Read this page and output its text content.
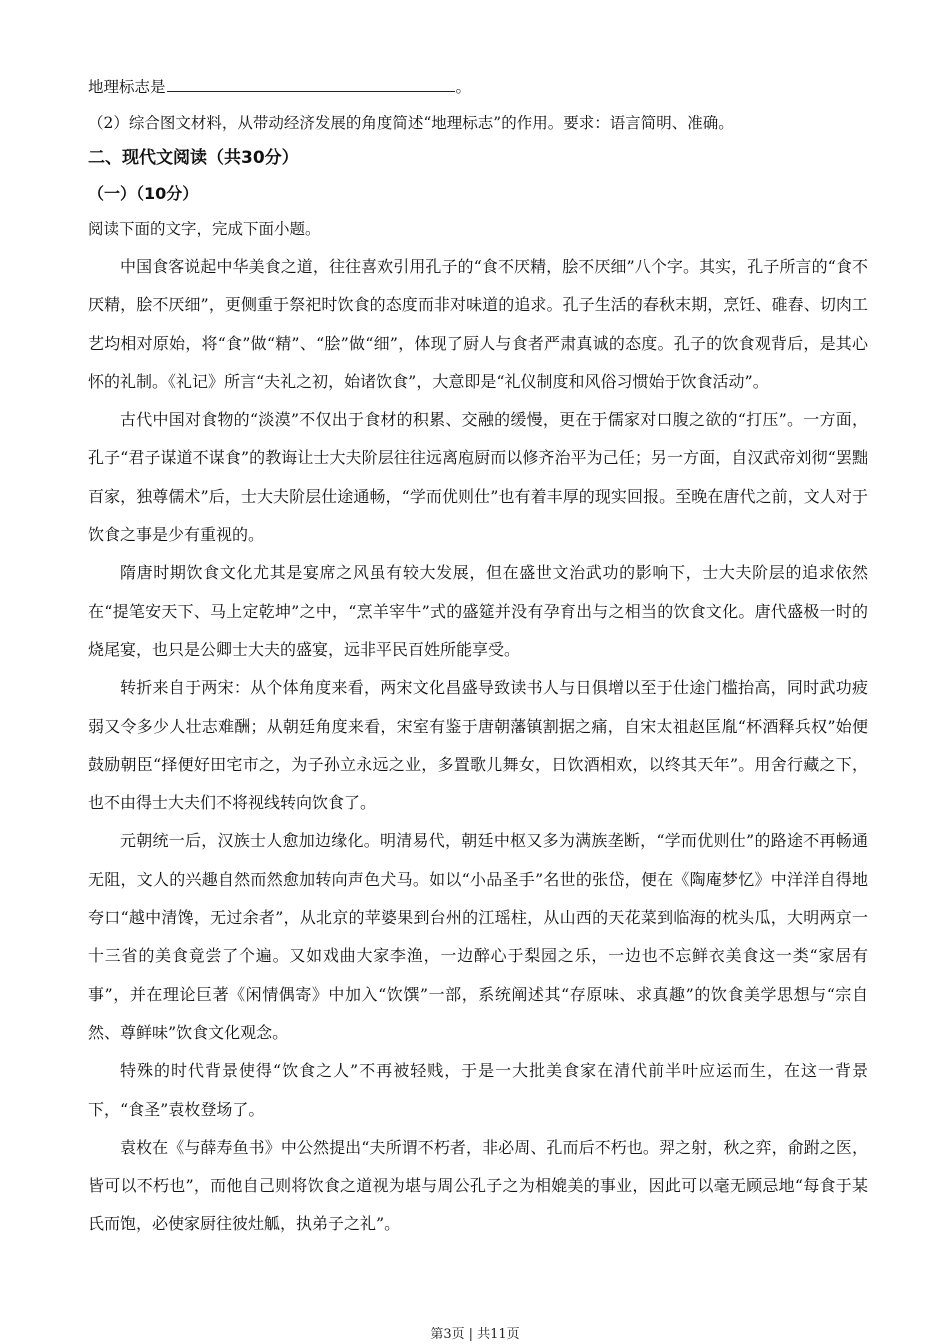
地理标志是	。
（2）综合图文材料，从带动经济发展的角度简述“地理标志”的作用。要求：语言简明、准确。
二、现代文阅读（共30分）
（一）（10分）
阅读下面的文字，完成下面小题。

中国食客说起中华美食之道，往往喜欢引用孔子的“食不厌精，脍不厌细”八个字。其实，孔子所言的“食不厌精，脍不厌细”，更侧重于祭祀时饮食的态度而非对味道的追求。孔子生活的春秋末期，烹饪、碓舂、切肉工艺均相对原始，将“食”做“精”、“脍”做“细”，体现了厨人与食者严肃真诚的态度。孔子的饮食观背后，是其心怀的礼制。《礼记》所言“夫礼之初，始诸饮食”，大意即是“礼仪制度和风俗习惯始于饮食活动”。

古代中国对食物的“淡漠”不仅出于食材的积累、交融的缓慢，更在于儒家对口腹之欲的“打压”。一方面，孔子“君子谋道不谋食”的教诲让士大夫阶层往往远离庖厨而以修齐治平为己任；另一方面，自汉武帝刘彻“罢黜百家，独尊儒术”后，士大夫阶层仕途通畅，“学而优则仕”也有着丰厚的现实回报。至晚在唐代之前，文人对于饮食之事是少有重视的。

隋唐时期饮食文化尤其是宴席之风虽有较大发展，但在盛世文治武功的影响下，士大夫阶层的追求依然在“提笔安天下、马上定乾坤”之中，“烹羊宰牛”式的盛筵并没有孕育出与之相当的饮食文化。唐代盛极一时的烧尾宴，也只是公卿士大夫的盛宴，远非平民百姓所能享受。

转折来自于两宋：从个体角度来看，两宋文化昌盛导致读书人与日俱增以至于仕途门槛抬高，同时武功疲弱又令多少人壮志难酬；从朝廷角度来看，宋室有鉴于唐朝藩镇割据之痛，自宋太祖赵匡胤“杯酒释兵权”始便鼓励朝臣“择便好田宅市之，为子孙立永远之业，多置歌儿舞女，日饮酒相欢，以终其天年”。用舍行藏之下，也不由得士大夫们不将视线转向饮食了。

元朝统一后，汉族士人愈加边缘化。明清易代，朝廷中枢又多为满族垄断，“学而优则仕”的路途不再畅通无阻，文人的兴趣自然而然愈加转向声色犬马。如以“小品圣手”名世的张岱，便在《陶庵梦忆》中洋洋自得地夸口“越中清馋，无过余者”，从北京的苹婆果到台州的江瑶柱，从山西的天花菜到临海的枕头瓜，大明两京一十三省的美食竟尝了个遍。又如戏曲大家李渔，一边醉心于梨园之乐，一边也不忘鲜衣美食这一类“家居有事”，并在理论巨著《闲情偶寄》中加入“饮馔”一部，系统阐述其“存原味、求真趣”的饮食美学思想与“宗自然、尊鲜味”饮食文化观念。

特殊的时代背景使得“饮食之人”不再被轻贱，于是一大批美食家在清代前半叶应运而生，在这一背景下，“食圣”袁枚登场了。

袁枚在《与薛寿鱼书》中公然提出“夫所谓不朽者，非必周、孔而后不朽也。羿之射，秋之弈，俞跗之医，皆可以不朽也”，而他自己则将饮食之道视为堪与周公孔子之为相媲美的事业，因此可以毫无顾忌地“每食于某氏而饱，必使家厨往彼灶觚，执弟子之礼”。

第3页 | 共11页
